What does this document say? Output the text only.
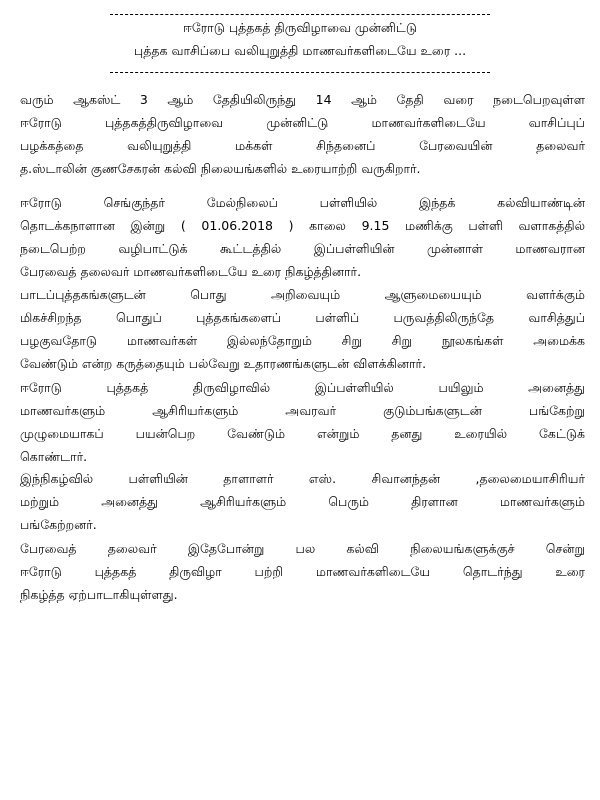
ஈரோடு புத்தகத் திருவிழாவை முன்னிட்டு
புத்தக வாசிப்பை வலியுறுத்தி மாணவர்களிடையே உரை ...
வரும் ஆகஸ்ட் 3 ஆம் தேதியிலிருந்து 14 ஆம் தேதி வரை நடைபெறவுள்ள
ஈரோடு புத்தகத்திருவிழாவை முன்னிட்டு மாணவர்களிடையே வாசிப்புப்
பழக்கத்தை வலியுறுத்தி மக்கள் சிந்தனைப் பேரவையின் தலைவர்
த.ஸ்டாலின் குணசேகரன் கல்வி நிலையங்களில் உரையாற்றி வருகிறார்.
ஈரோடு செங்குந்தர் மேல்நிலைப் பள்ளியில் இந்தக் கல்வியாண்டின்
தொடக்கநாளான இன்று ( 01.06.2018 ) காலை 9.15 மணிக்கு பள்ளி வளாகத்தில்
நடைபெற்ற வழிபாட்டுக் கூட்டத்தில் இப்பள்ளியின் முன்னாள் மாணவரான
பேரவைத் தலைவர் மாணவர்களிடையே உரை நிகழ்த்தினார்.
பாடப்புத்தகங்களுடன் பொது அறிவையும் ஆளுமையையும் வளர்க்கும்
மிகச்சிறந்த பொதுப் புத்தகங்களைப் பள்ளிப் பருவத்திலிருந்தே வாசித்துப்
பழகுவதோடு மாணவர்கள் இல்லந்தோறும் சிறு சிறு நூலகங்கள் அமைக்க
வேண்டும் என்ற கருத்தையும் பல்வேறு உதாரணங்களுடன் விளக்கினார்.
ஈரோடு புத்தகத் திருவிழாவில் இப்பள்ளியில் பயிலும் அனைத்து
மாணவர்களும் ஆசிரியர்களும் அவரவர் குடும்பங்களுடன் பங்கேற்று
முழுமையாகப் பயன்பெற வேண்டும் என்றும் தனது உரையில் கேட்டுக்
கொண்டார்.
இந்நிகழ்வில் பள்ளியின் தாளாளர் எஸ். சிவானந்தன் ,தலைமையாசிரியர்
மற்றும் அனைத்து ஆசிரியர்களும் பெரும் திரளான மாணவர்களும்
பங்கேற்றனர்.
பேரவைத் தலைவர் இதேபோன்று பல கல்வி நிலையங்களுக்குச் சென்று
ஈரோடு புத்தகத் திருவிழா பற்றி மாணவர்களிடையே தொடர்ந்து உரை
நிகழ்த்த ஏற்பாடாகியுள்ளது.
